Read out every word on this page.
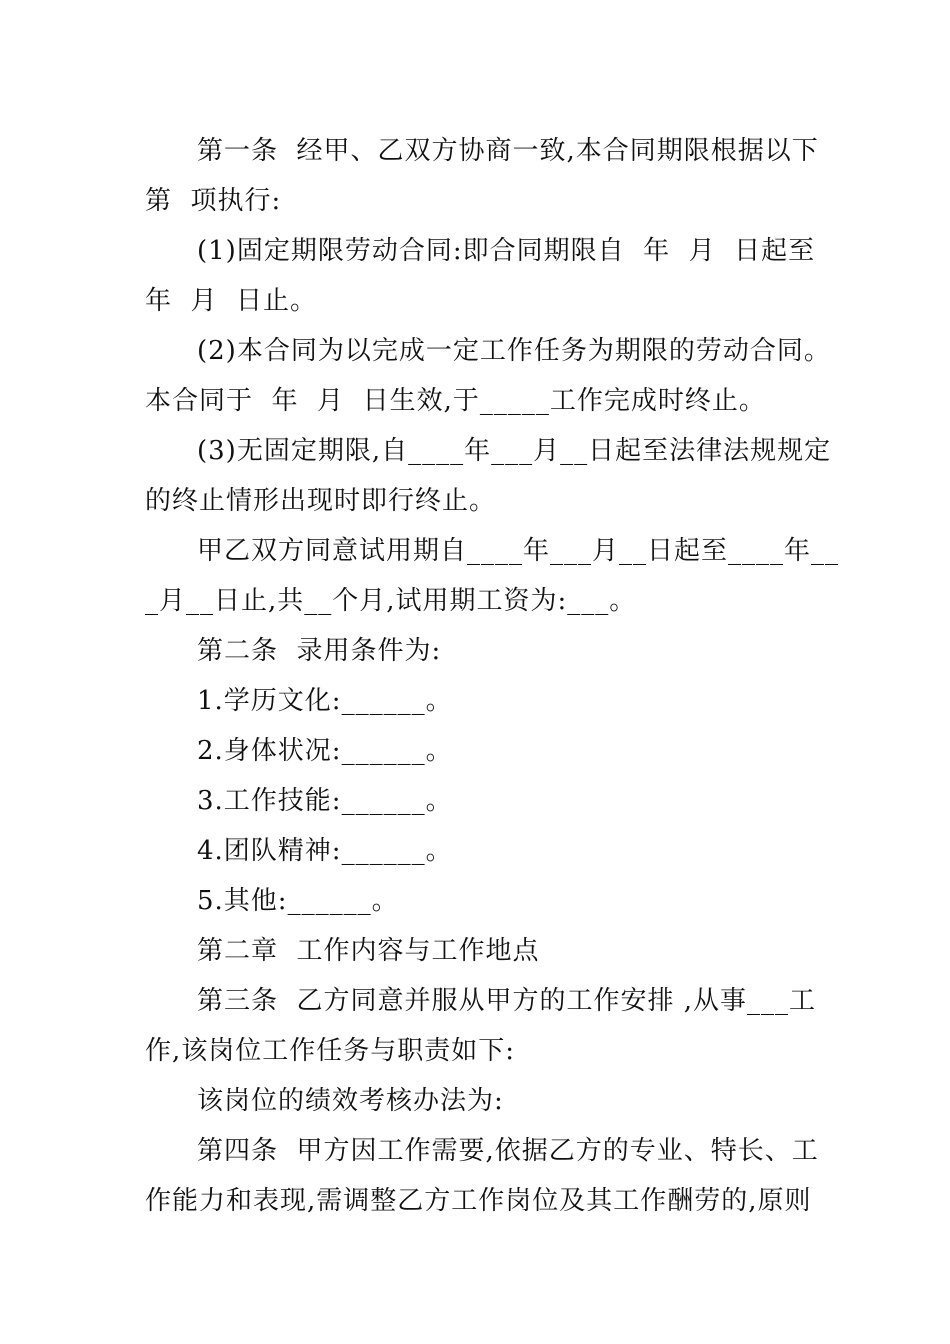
第一条  经甲、乙双方协商一致,本合同期限根据以下
第  项执行:
(1)固定期限劳动合同:即合同期限自  年  月  日起至
年  月  日止。
(2)本合同为以完成一定工作任务为期限的劳动合同。
本合同于  年  月  日生效,于_____工作完成时终止。
(3)无固定期限,自____年___月__日起至法律法规规定
的终止情形出现时即行终止。
甲乙双方同意试用期自____年___月__日起至____年__
_月__日止,共__个月,试用期工资为:___。
第二条  录用条件为:
1.学历文化:______。
2.身体状况:______。
3.工作技能:______。
4.团队精神:______。
5.其他:______。
第二章  工作内容与工作地点
第三条  乙方同意并服从甲方的工作安排 ,从事___工
作,该岗位工作任务与职责如下:
该岗位的绩效考核办法为:
第四条  甲方因工作需要,依据乙方的专业、特长、工
作能力和表现,需调整乙方工作岗位及其工作酬劳的,原则
